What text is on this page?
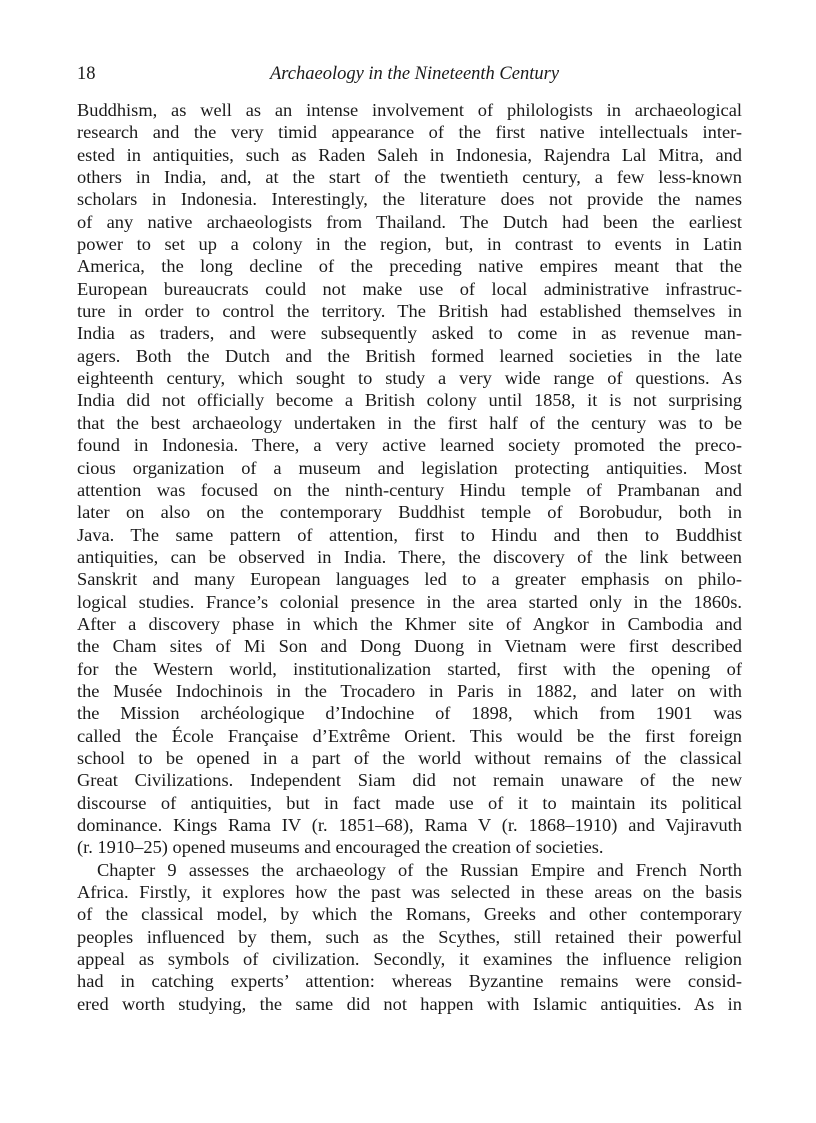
18	Archaeology in the Nineteenth Century
Buddhism, as well as an intense involvement of philologists in archaeological
research and the very timid appearance of the first native intellectuals inter-
ested in antiquities, such as Raden Saleh in Indonesia, Rajendra Lal Mitra, and
others in India, and, at the start of the twentieth century, a few less-known
scholars in Indonesia. Interestingly, the literature does not provide the names
of any native archaeologists from Thailand. The Dutch had been the earliest
power to set up a colony in the region, but, in contrast to events in Latin
America, the long decline of the preceding native empires meant that the
European bureaucrats could not make use of local administrative infrastruc-
ture in order to control the territory. The British had established themselves in
India as traders, and were subsequently asked to come in as revenue man-
agers. Both the Dutch and the British formed learned societies in the late
eighteenth century, which sought to study a very wide range of questions. As
India did not officially become a British colony until 1858, it is not surprising
that the best archaeology undertaken in the first half of the century was to be
found in Indonesia. There, a very active learned society promoted the preco-
cious organization of a museum and legislation protecting antiquities. Most
attention was focused on the ninth-century Hindu temple of Prambanan and
later on also on the contemporary Buddhist temple of Borobudur, both in
Java. The same pattern of attention, first to Hindu and then to Buddhist
antiquities, can be observed in India. There, the discovery of the link between
Sanskrit and many European languages led to a greater emphasis on philo-
logical studies. France’s colonial presence in the area started only in the 1860s.
After a discovery phase in which the Khmer site of Angkor in Cambodia and
the Cham sites of Mi Son and Dong Duong in Vietnam were first described
for the Western world, institutionalization started, first with the opening of
the Musée Indochinois in the Trocadero in Paris in 1882, and later on with
the Mission archéologique d’Indochine of 1898, which from 1901 was
called the École Française d’Extrême Orient. This would be the first foreign
school to be opened in a part of the world without remains of the classical
Great Civilizations. Independent Siam did not remain unaware of the new
discourse of antiquities, but in fact made use of it to maintain its political
dominance. Kings Rama IV (r. 1851–68), Rama V (r. 1868–1910) and Vajiravuth
(r. 1910–25) opened museums and encouraged the creation of societies.
Chapter 9 assesses the archaeology of the Russian Empire and French North
Africa. Firstly, it explores how the past was selected in these areas on the basis
of the classical model, by which the Romans, Greeks and other contemporary
peoples influenced by them, such as the Scythes, still retained their powerful
appeal as symbols of civilization. Secondly, it examines the influence religion
had in catching experts’ attention: whereas Byzantine remains were consid-
ered worth studying, the same did not happen with Islamic antiquities. As in
